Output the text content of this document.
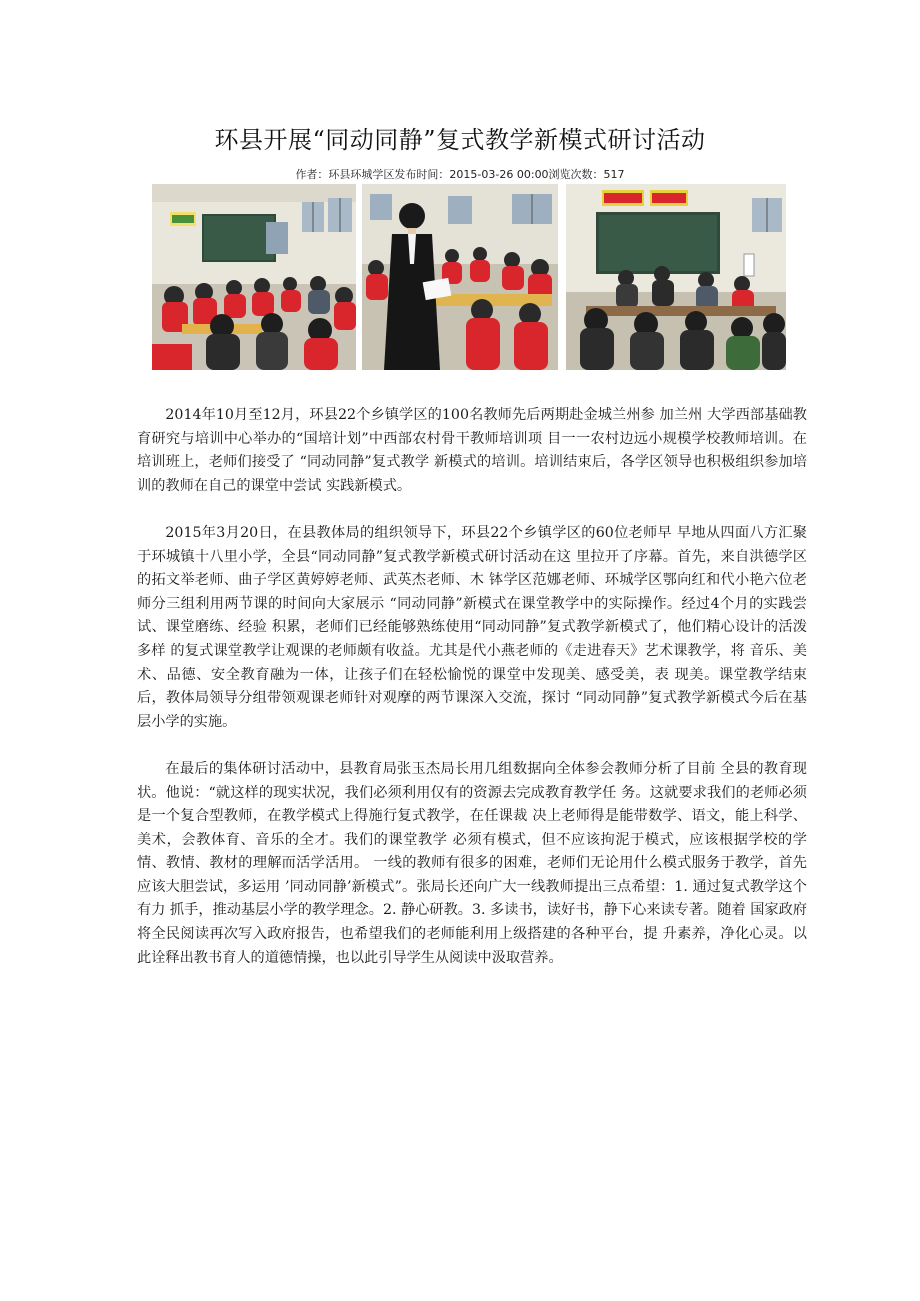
环县开展“同动同静”复式教学新模式研讨活动
作者：环县环城学区发布时间：2015-03-26 00:00浏览次数：517

2014年10月至12月，环县22个乡镇学区的100名教师先后两期赴金城兰州参 加兰州 大学西部基础教育研究与培训中心举办的“国培计划”中西部农村骨干教师培训项 目一一农村边远小规模学校教师培训。在培训班上，老师们接受了 “同动同静”复式教学 新模式的培训。培训结束后，各学区领导也积极组织参加培训的教师在自己的课堂中尝试 实践新模式。

2015年3月20日，在县教体局的组织领导下，环县22个乡镇学区的60位老师早 早地从四面八方汇聚于环城镇十八里小学，全县“同动同静”复式教学新模式研讨活动在这 里拉开了序幕。首先，来自洪德学区的拓文举老师、曲子学区黄婷婷老师、武英杰老师、木 钵学区范娜老师、环城学区鄂向红和代小艳六位老师分三组利用两节课的时间向大家展示 “同动同静”新模式在课堂教学中的实际操作。经过4个月的实践尝试、课堂磨练、经验 积累，老师们已经能够熟练使用“同动同静”复式教学新模式了，他们精心设计的活泼多样 的复式课堂教学让观课的老师颇有收益。尤其是代小燕老师的《走进春天》艺术课教学，将 音乐、美术、品德、安全教育融为一体，让孩子们在轻松愉悦的课堂中发现美、感受美，表 现美。课堂教学结束后，教体局领导分组带领观课老师针对观摩的两节课深入交流，探讨 “同动同静”复式教学新模式今后在基层小学的实施。

在最后的集体研讨活动中，县教育局张玉杰局长用几组数据向全体参会教师分析了目前 全县的教育现状。他说：“就这样的现实状况，我们必须利用仅有的资源去完成教育教学任 务。这就要求我们的老师必须是一个复合型教师，在教学模式上得施行复式教学，在任课裁 决上老师得是能带数学、语文，能上科学、美术，会教体育、音乐的全才。我们的课堂教学 必须有模式，但不应该拘泥于模式，应该根据学校的学情、教情、教材的理解而活学活用。 一线的教师有很多的困难，老师们无论用什么模式服务于教学，首先应该大胆尝试，多运用 ’同动同静’新模式”。张局长还向广大一线教师提出三点希望：1. 通过复式教学这个有力 抓手，推动基层小学的教学理念。2. 静心研教。3. 多读书，读好书，静下心来读专著。随着 国家政府将全民阅读再次写入政府报告，也希望我们的老师能利用上级搭建的各种平台，提 升素养，净化心灵。以此诠释出教书育人的道德情操，也以此引导学生从阅读中汲取营养。
